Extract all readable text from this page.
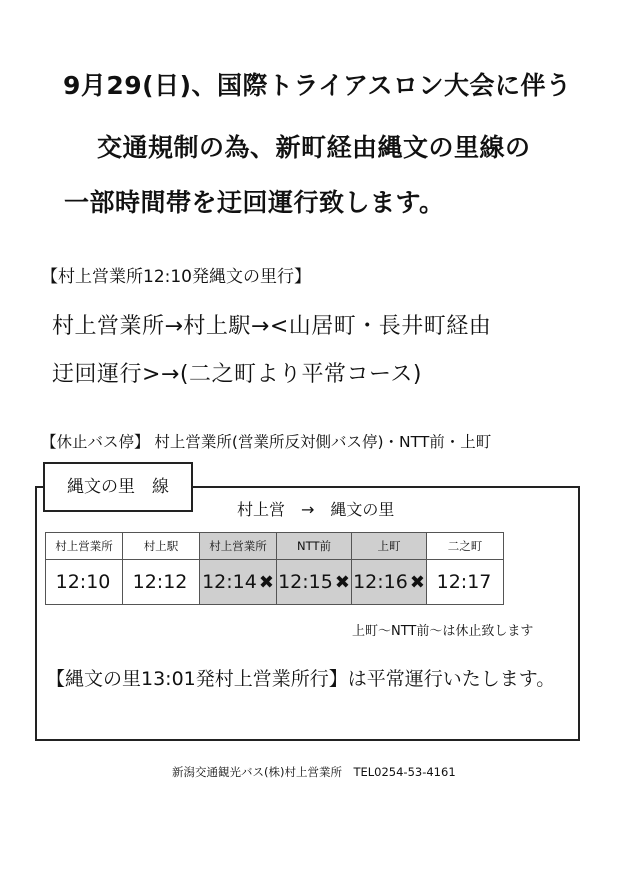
9月29(日)、国際トライアスロン大会に伴う
交通規制の為、新町経由縄文の里線の
一部時間帯を迂回運行致します。
【村上営業所12:10発縄文の里行】
村上営業所→村上駅→<山居町・長井町経由
迂回運行>→(二之町より平常コース)
【休止バス停】 村上営業所(営業所反対側バス停)・NTT前・上町
縄文の里　線
村上営　→　縄文の里
村上営業所	村上駅	村上営業所	NTT前	上町	二之町
12:10	12:12	12:14 ✖	12:15 ✖	12:16 ✖	12:17
上町～NTT前～は休止致します
【縄文の里13:01発村上営業所行】は平常運行いたします。
新潟交通観光バス(株)村上営業所　TEL0254-53-4161
